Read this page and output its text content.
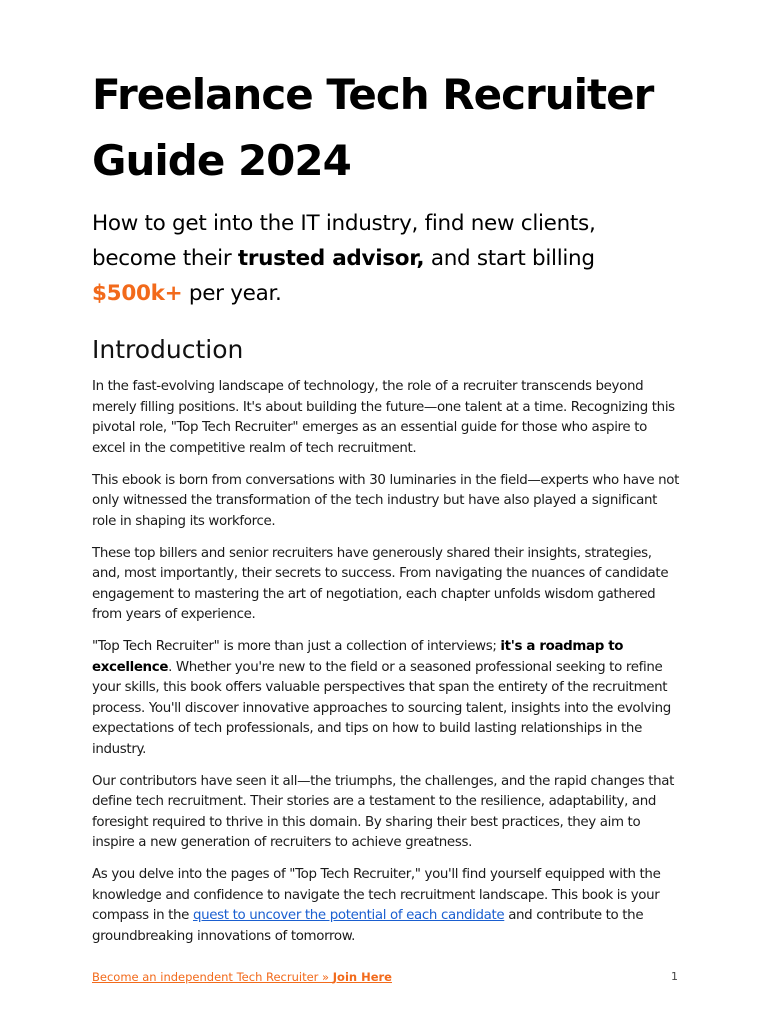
Freelance Tech Recruiter
Guide 2024
How to get into the IT industry, find new clients, become their trusted advisor, and start billing
$500k+ per year.
Introduction

In the fast-evolving landscape of technology, the role of a recruiter transcends beyond merely filling positions. It's about building the future—one talent at a time. Recognizing this pivotal role, "Top Tech Recruiter" emerges as an essential guide for those who aspire to excel in the competitive realm of tech recruitment.

This ebook is born from conversations with 30 luminaries in the field—experts who have not only witnessed the transformation of the tech industry but have also played a significant role in shaping its workforce.

These top billers and senior recruiters have generously shared their insights, strategies, and, most importantly, their secrets to success. From navigating the nuances of candidate engagement to mastering the art of negotiation, each chapter unfolds wisdom gathered from years of experience.

"Top Tech Recruiter" is more than just a collection of interviews; it's a roadmap to excellence. Whether you're new to the field or a seasoned professional seeking to refine your skills, this book offers valuable perspectives that span the entirety of the recruitment process. You'll discover innovative approaches to sourcing talent, insights into the evolving expectations of tech professionals, and tips on how to build lasting relationships in the industry.

Our contributors have seen it all—the triumphs, the challenges, and the rapid changes that define tech recruitment. Their stories are a testament to the resilience, adaptability, and foresight required to thrive in this domain. By sharing their best practices, they aim to inspire a new generation of recruiters to achieve greatness.

As you delve into the pages of "Top Tech Recruiter," you'll find yourself equipped with the knowledge and confidence to navigate the tech recruitment landscape. This book is your compass in the quest to uncover the potential of each candidate and contribute to the groundbreaking innovations of tomorrow.

Become an independent Tech Recruiter » Join Here	1
